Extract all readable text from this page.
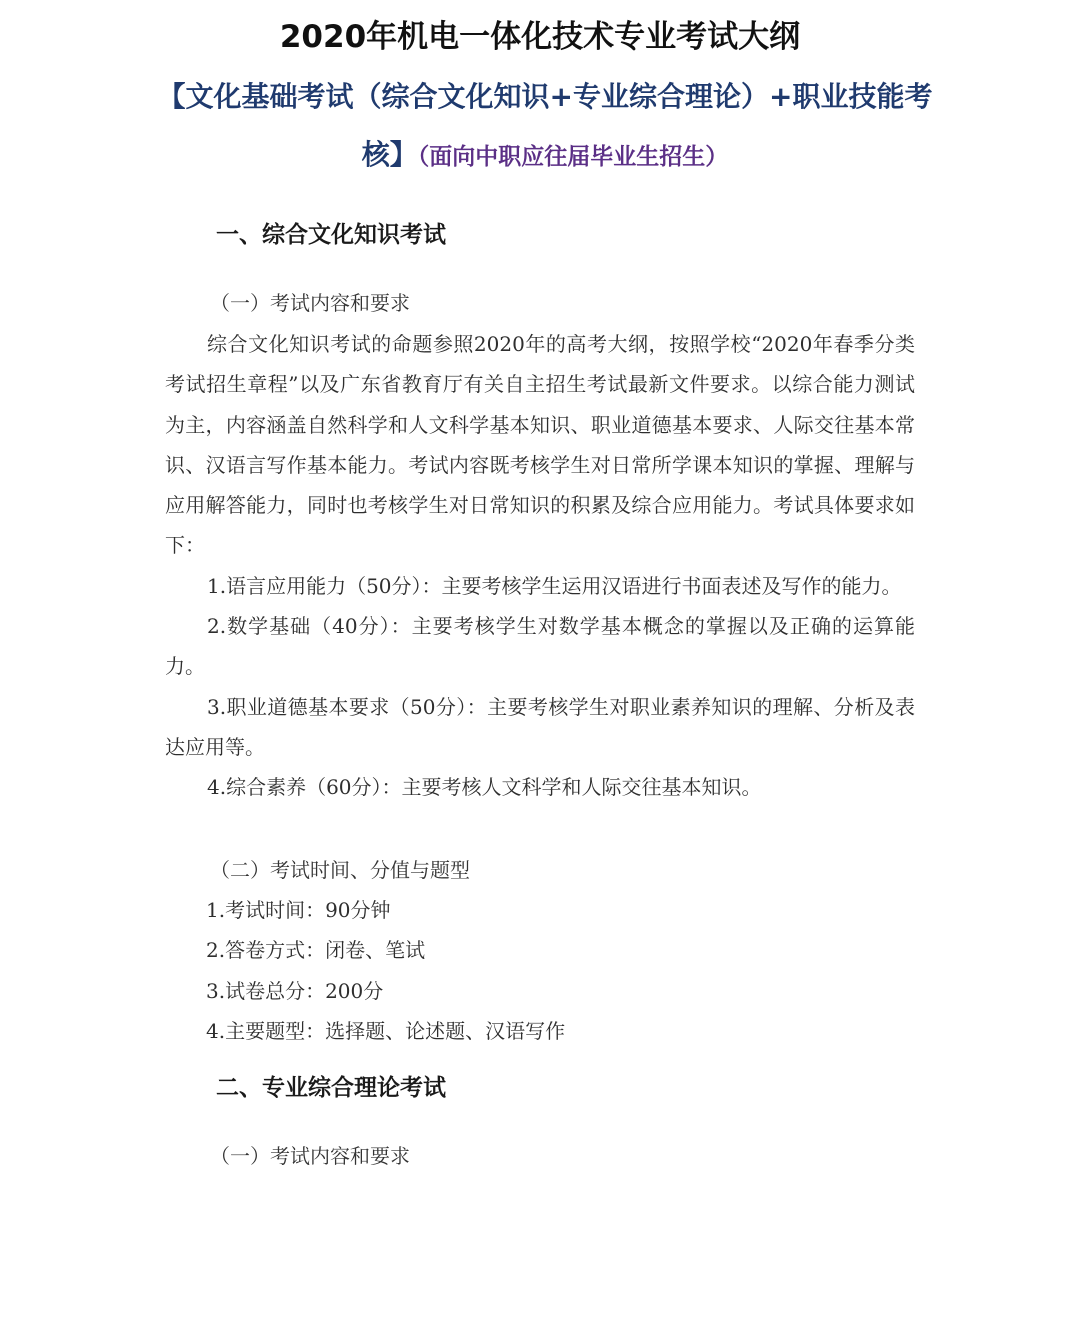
2020年机电一体化技术专业考试大纲
【文化基础考试（综合文化知识+专业综合理论）+职业技能考核】（面向中职应往届毕业生招生）
一、综合文化知识考试
（一）考试内容和要求

综合文化知识考试的命题参照2020年的高考大纲，按照学校“2020年春季分类考试招生章程”以及广东省教育厅有关自主招生考试最新文件要求。以综合能力测试为主，内容涵盖自然科学和人文科学基本知识、职业道德基本要求、人际交往基本常识、汉语言写作基本能力。考试内容既考核学生对日常所学课本知识的掌握、理解与应用解答能力，同时也考核学生对日常知识的积累及综合应用能力。考试具体要求如下：

1.语言应用能力（50分）：主要考核学生运用汉语进行书面表述及写作的能力。

2.数学基础（40分）：主要考核学生对数学基本概念的掌握以及正确的运算能力。

3.职业道德基本要求（50分）：主要考核学生对职业素养知识的理解、分析及表达应用等。

4.综合素养（60分）：主要考核人文科学和人际交往基本知识。

（二）考试时间、分值与题型
1.考试时间：90分钟
2.答卷方式：闭卷、笔试
3.试卷总分：200分
4.主要题型：选择题、论述题、汉语写作
二、专业综合理论考试
（一）考试内容和要求
